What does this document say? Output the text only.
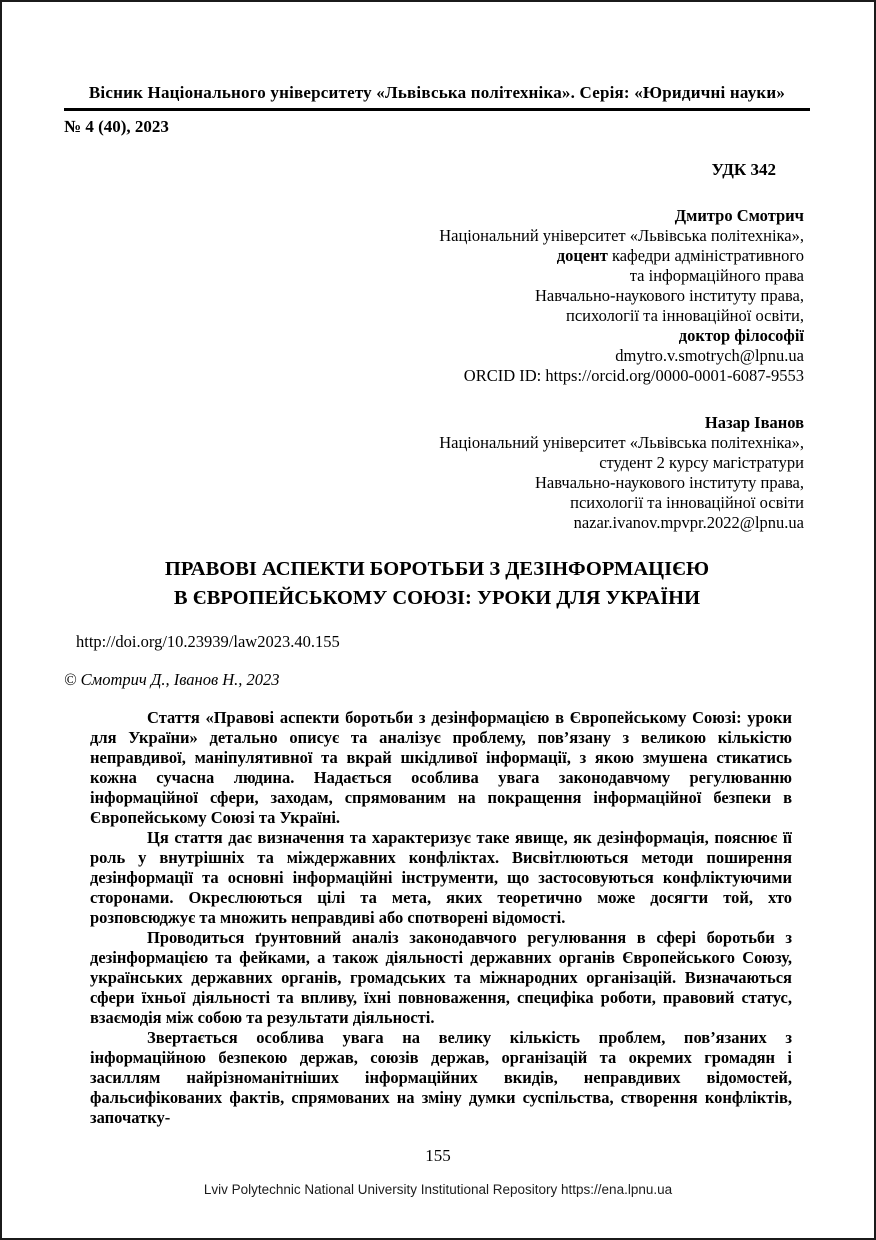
Вісник Національного університету «Львівська політехніка». Серія: «Юридичні науки»
№ 4 (40), 2023
УДК 342
Дмитро Смотрич
Національний університет «Львівська політехніка»,
доцент кафедри адміністративного
та інформаційного права
Навчально-наукового інституту права,
психології та інноваційної освіти,
доктор філософії
dmytro.v.smotrych@lpnu.ua
ORCID ID: https://orcid.org/0000-0001-6087-9553
Назар Іванов
Національний університет «Львівська політехніка»,
студент 2 курсу магістратури
Навчально-наукового інституту права,
психології та інноваційної освіти
nazar.ivanov.mpvpr.2022@lpnu.ua
ПРАВОВІ АСПЕКТИ БОРОТЬБИ З ДЕЗІНФОРМАЦІЄЮ
В ЄВРОПЕЙСЬКОМУ СОЮЗІ: УРОКИ ДЛЯ УКРАЇНИ
http://doi.org/10.23939/law2023.40.155
© Смотрич Д., Іванов Н., 2023

Стаття «Правові аспекти боротьби з дезінформацією в Європейському Союзі: уроки для України» детально описує та аналізує проблему, пов’язану з великою кількістю неправдивої, маніпулятивної та вкрай шкідливої інформації, з якою змушена стикатись кожна сучасна людина. Надається особлива увага законодавчому регулюванню інформаційної сфери, заходам, спрямованим на покращення інформаційної безпеки в Європейському Союзі та Україні.

Ця стаття дає визначення та характеризує таке явище, як дезінформація, пояснює її роль у внутрішніх та міждержавних конфліктах. Висвітлюються методи поширення дезінформації та основні інформаційні інструменти, що застосовуються конфліктуючими сторонами. Окреслюються цілі та мета, яких теоретично може досягти той, хто розповсюджує та множить неправдиві або спотворені відомості.

Проводиться ґрунтовний аналіз законодавчого регулювання в сфері боротьби з дезінформацією та фейками, а також діяльності державних органів Європейського Союзу, українських державних органів, громадських та міжнародних організацій. Визначаються сфери їхньої діяльності та впливу, їхні повноваження, специфіка роботи, правовий статус, взаємодія між собою та результати діяльності.

Звертається особлива увага на велику кількість проблем, пов’язаних з інформаційною безпекою держав, союзів держав, організацій та окремих громадян і засиллям найрізноманітніших інформаційних вкидів, неправдивих відомостей, фальсифікованих фактів, спрямованих на зміну думки суспільства, створення конфліктів, започатку-

155
Lviv Polytechnic National University Institutional Repository https://ena.lpnu.ua
